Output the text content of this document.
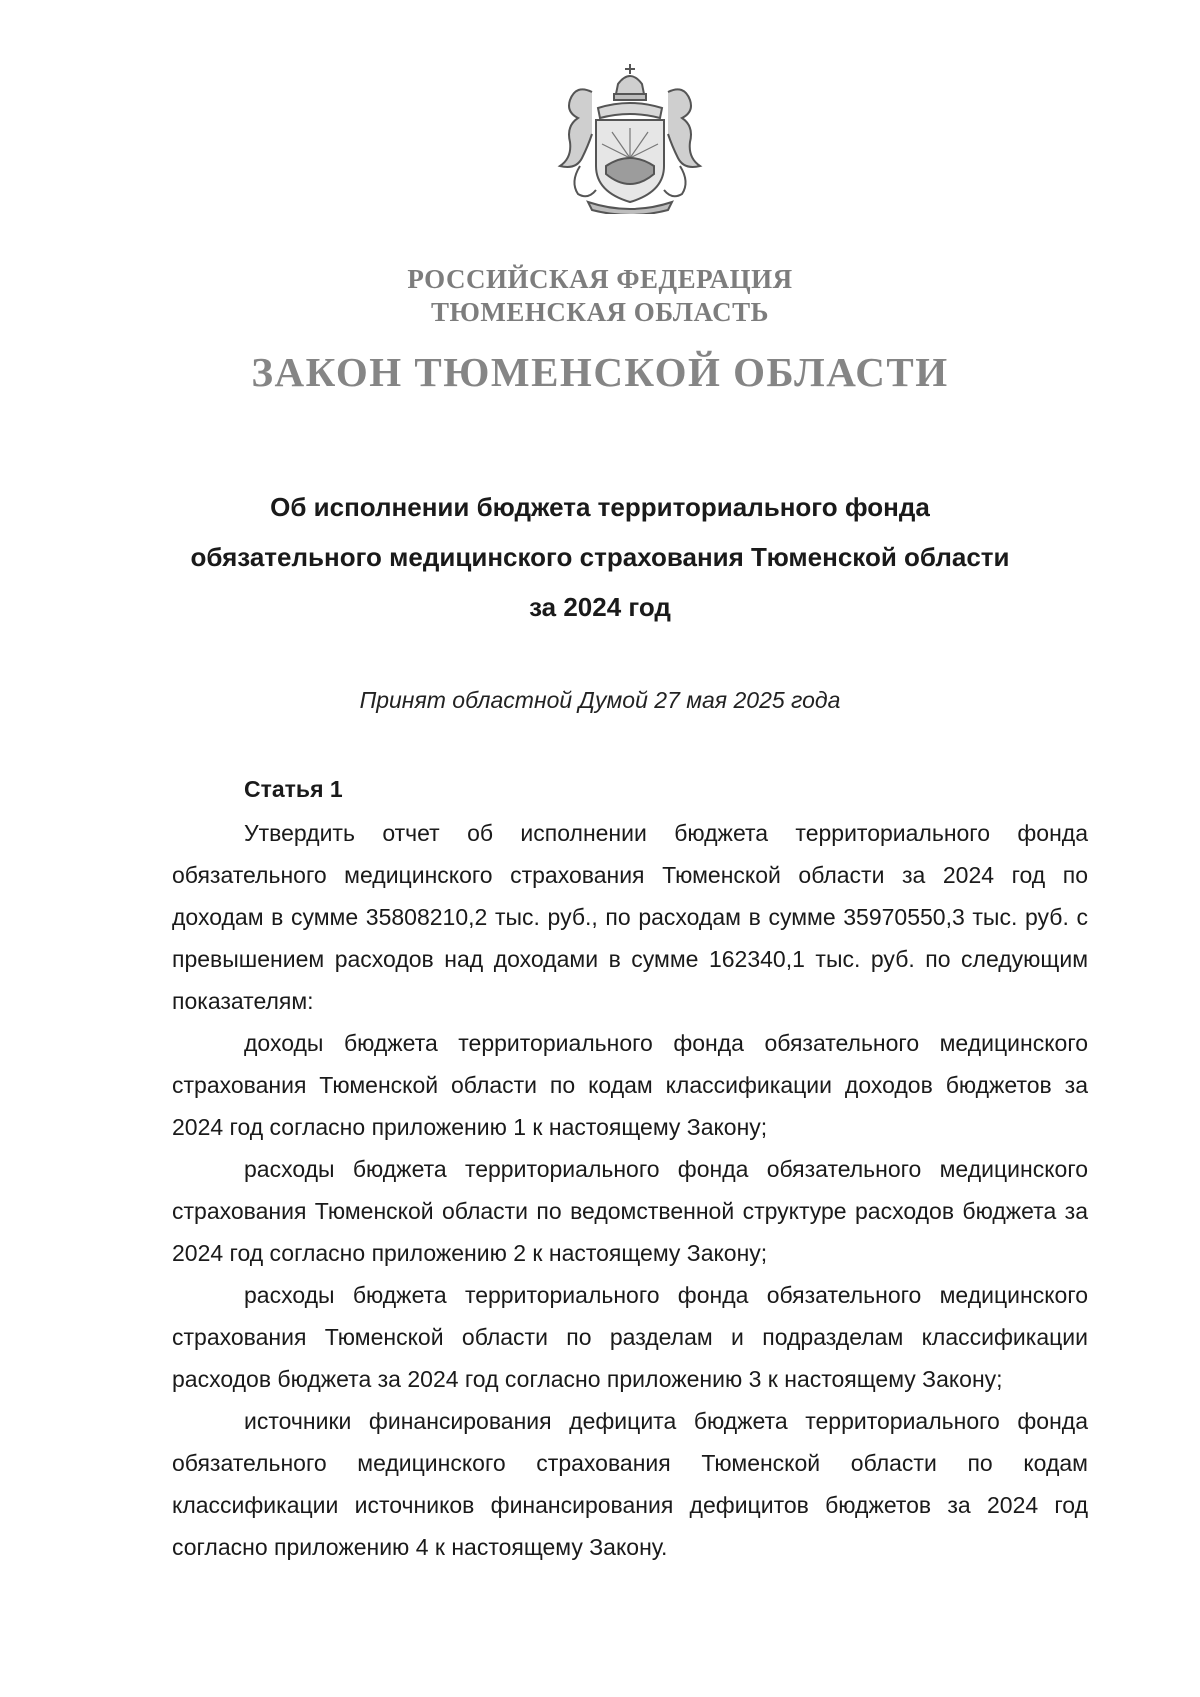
РОССИЙСКАЯ ФЕДЕРАЦИЯ
ТЮМЕНСКАЯ ОБЛАСТЬ
ЗАКОН ТЮМЕНСКОЙ ОБЛАСТИ
Об исполнении бюджета территориального фонда
обязательного медицинского страхования Тюменской области
за 2024 год
Принят областной Думой 27 мая 2025 года
Статья 1
Утвердить отчет об исполнении бюджета территориального фонда обязательного медицинского страхования Тюменской области за 2024 год по доходам в сумме 35808210,2 тыс. руб., по расходам в сумме 35970550,3 тыс. руб. с превышением расходов над доходами в сумме 162340,1 тыс. руб. по следующим показателям:
доходы бюджета территориального фонда обязательного медицинского страхования Тюменской области по кодам классификации доходов бюджетов за 2024 год согласно приложению 1 к настоящему Закону;
расходы бюджета территориального фонда обязательного медицинского страхования Тюменской области по ведомственной структуре расходов бюджета за 2024 год согласно приложению 2 к настоящему Закону;
расходы бюджета территориального фонда обязательного медицинского страхования Тюменской области по разделам и подразделам классификации расходов бюджета за 2024 год согласно приложению 3 к настоящему Закону;
источники финансирования дефицита бюджета территориального фонда обязательного медицинского страхования Тюменской области по кодам классификации источников финансирования дефицитов бюджетов за 2024 год согласно приложению 4 к настоящему Закону.
